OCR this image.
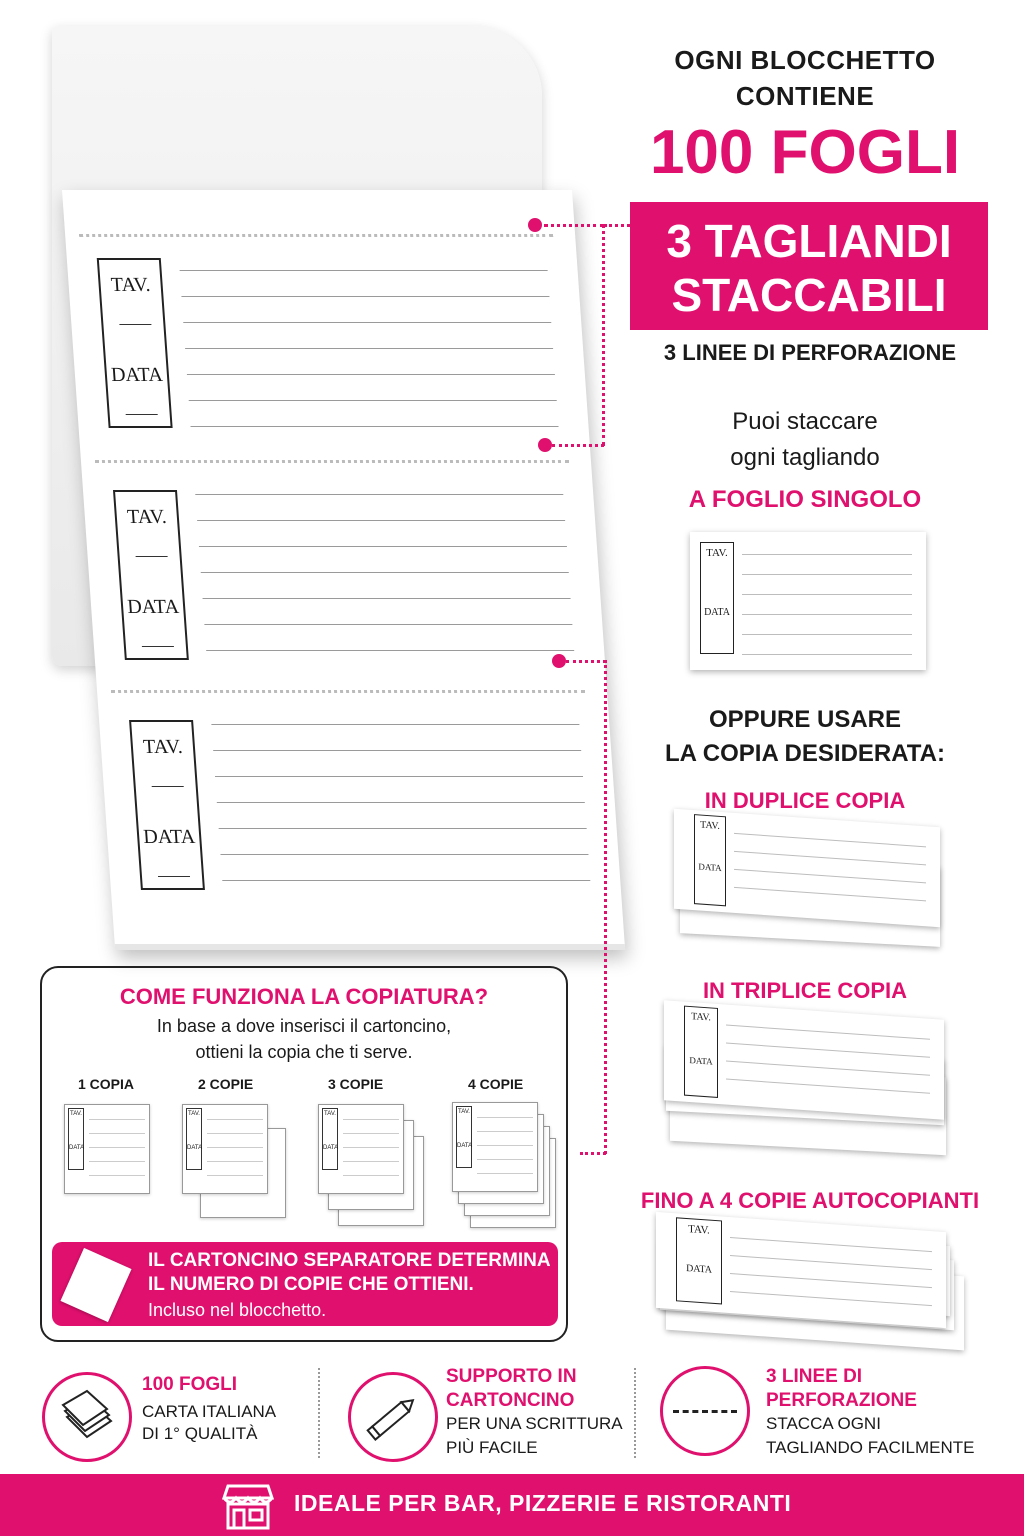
TAV.
DATA
TAV.
DATA
TAV.
DATA
OGNI BLOCCHETTO
CONTIENE
100 FOGLI
3 TAGLIANDI
STACCABILI
3 LINEE DI PERFORAZIONE
Puoi staccare
ogni tagliando
A FOGLIO SINGOLO
TAV.
DATA
OPPURE USARE
LA COPIA DESIDERATA:
IN DUPLICE COPIA
TAV.
DATA
IN TRIPLICE COPIA
TAV.
DATA
FINO A 4 COPIE AUTOCOPIANTI
TAV.
DATA
COME FUNZIONA LA COPIATURA?
In base a dove inserisci il cartoncino,
ottieni la copia che ti serve.
1 COPIA	2 COPIE	3 COPIE	4 COPIE
TAV.
DATA
TAV.
DATA
TAV.
DATA
TAV.
DATA
IL CARTONCINO SEPARATORE DETERMINA
IL NUMERO DI COPIE CHE OTTIENI.
Incluso nel blocchetto.
100 FOGLI
CARTA ITALIANA
DI 1° QUALITÀ
SUPPORTO IN
CARTONCINO
PER UNA SCRITTURA
PIÙ FACILE
3 LINEE DI
PERFORAZIONE
STACCA OGNI
TAGLIANDO FACILMENTE
IDEALE PER BAR, PIZZERIE E RISTORANTI
